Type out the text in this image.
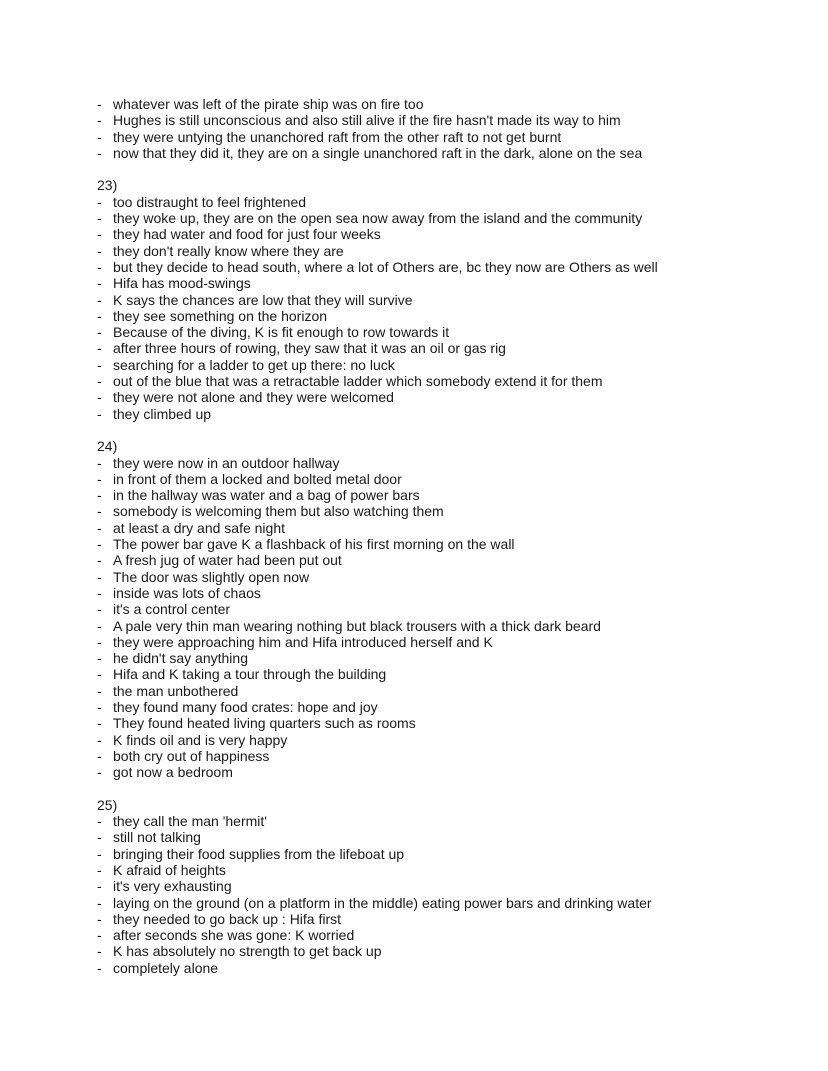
- whatever was left of the pirate ship was on fire too
- Hughes is still unconscious and also still alive if the fire hasn't made its way to him
- they were untying the unanchored raft from the other raft to not get burnt
- now that they did it, they are on a single unanchored raft in the dark, alone on the sea
23)
- too distraught to feel frightened
- they woke up, they are on the open sea now away from the island and the community
- they had water and food for just four weeks
- they don't really know where they are
- but they decide to head south, where a lot of Others are, bc they now are Others as well
- Hifa has mood-swings
- K says the chances are low that they will survive
- they see something on the horizon
- Because of the diving, K is fit enough to row towards it
- after three hours of rowing, they saw that it was an oil or gas rig
- searching for a ladder to get up there: no luck
- out of the blue that was a retractable ladder which somebody extend it for them
- they were not alone and they were welcomed
- they climbed up
24)
- they were now in an outdoor hallway
- in front of them a locked and bolted metal door
- in the hallway was water and a bag of power bars
- somebody is welcoming them but also watching them
- at least a dry and safe night
- The power bar gave K a flashback of his first morning on the wall
- A fresh jug of water had been put out
- The door was slightly open now
- inside was lots of chaos
- it's a control center
- A pale very thin man wearing nothing but black trousers with a thick dark beard
- they were approaching him and Hifa introduced herself and K
- he didn't say anything
- Hifa and K taking a tour through the building
- the man unbothered
- they found many food crates: hope and joy
- They found heated living quarters such as rooms
- K finds oil and is very happy
- both cry out of happiness
- got now a bedroom
25)
- they call the man 'hermit'
- still not talking
- bringing their food supplies from the lifeboat up
- K afraid of heights
- it's very exhausting
- laying on the ground (on a platform in the middle) eating power bars and drinking water
- they needed to go back up : Hifa first
- after seconds she was gone: K worried
- K has absolutely no strength to get back up
- completely alone
